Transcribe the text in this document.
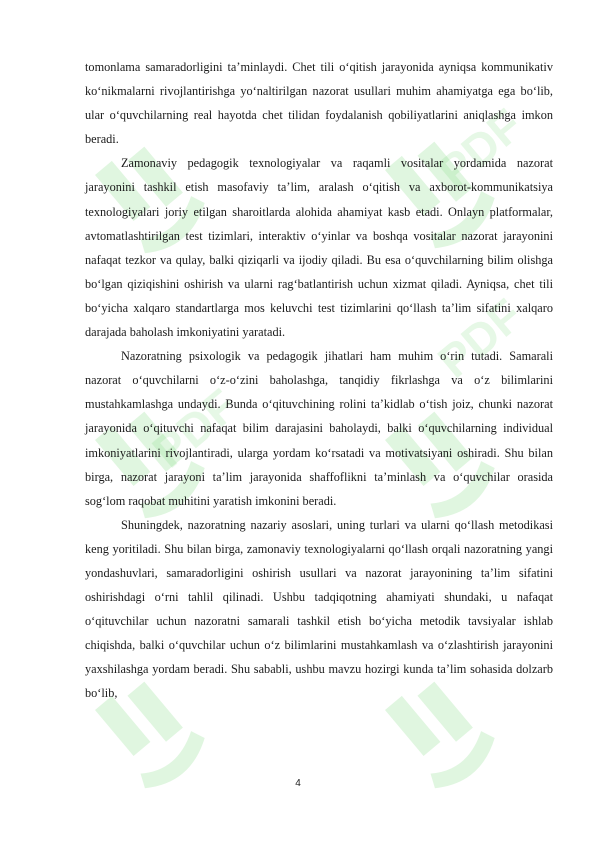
PDF
PDF
PDF

tomonlama samaradorligini ta’minlaydi. Chet tili o‘qitish jarayonida ayniqsa kommunikativ ko‘nikmalarni rivojlantirishga yo‘naltirilgan nazorat usullari muhim ahamiyatga ega bo‘lib, ular o‘quvchilarning real hayotda chet tilidan foydalanish qobiliyatlarini aniqlashga imkon beradi.

Zamonaviy pedagogik texnologiyalar va raqamli vositalar yordamida nazorat jarayonini tashkil etish masofaviy ta’lim, aralash o‘qitish va axborot-kommunikatsiya texnologiyalari joriy etilgan sharoitlarda alohida ahamiyat kasb etadi. Onlayn platformalar, avtomatlashtirilgan test tizimlari, interaktiv o‘yinlar va boshqa vositalar nazorat jarayonini nafaqat tezkor va qulay, balki qiziqarli va ijodiy qiladi. Bu esa o‘quvchilarning bilim olishga bo‘lgan qiziqishini oshirish va ularni rag‘batlantirish uchun xizmat qiladi. Ayniqsa, chet tili bo‘yicha xalqaro standartlarga mos keluvchi test tizimlarini qo‘llash ta’lim sifatini xalqaro darajada baholash imkoniyatini yaratadi.

Nazoratning psixologik va pedagogik jihatlari ham muhim o‘rin tutadi. Samarali nazorat o‘quvchilarni o‘z-o‘zini baholashga, tanqidiy fikrlashga va o‘z bilimlarini mustahkamlashga undaydi. Bunda o‘qituvchining rolini ta’kidlab o‘tish joiz, chunki nazorat jarayonida o‘qituvchi nafaqat bilim darajasini baholaydi, balki o‘quvchilarning individual imkoniyatlarini rivojlantiradi, ularga yordam ko‘rsatadi va motivatsiyani oshiradi. Shu bilan birga, nazorat jarayoni ta’lim jarayonida shaffoflikni ta’minlash va o‘quvchilar orasida sog‘lom raqobat muhitini yaratish imkonini beradi.

Shuningdek, nazoratning nazariy asoslari, uning turlari va ularni qo‘llash metodikasi keng yoritiladi. Shu bilan birga, zamonaviy texnologiyalarni qo‘llash orqali nazoratning yangi yondashuvlari, samaradorligini oshirish usullari va nazorat jarayonining ta’lim sifatini oshirishdagi o‘rni tahlil qilinadi. Ushbu tadqiqotning ahamiyati shundaki, u nafaqat o‘qituvchilar uchun nazoratni samarali tashkil etish bo‘yicha metodik tavsiyalar ishlab chiqishda, balki o‘quvchilar uchun o‘z bilimlarini mustahkamlash va o‘zlashtirish jarayonini yaxshilashga yordam beradi. Shu sababli, ushbu mavzu hozirgi kunda ta’lim sohasida dolzarb bo‘lib,

4
